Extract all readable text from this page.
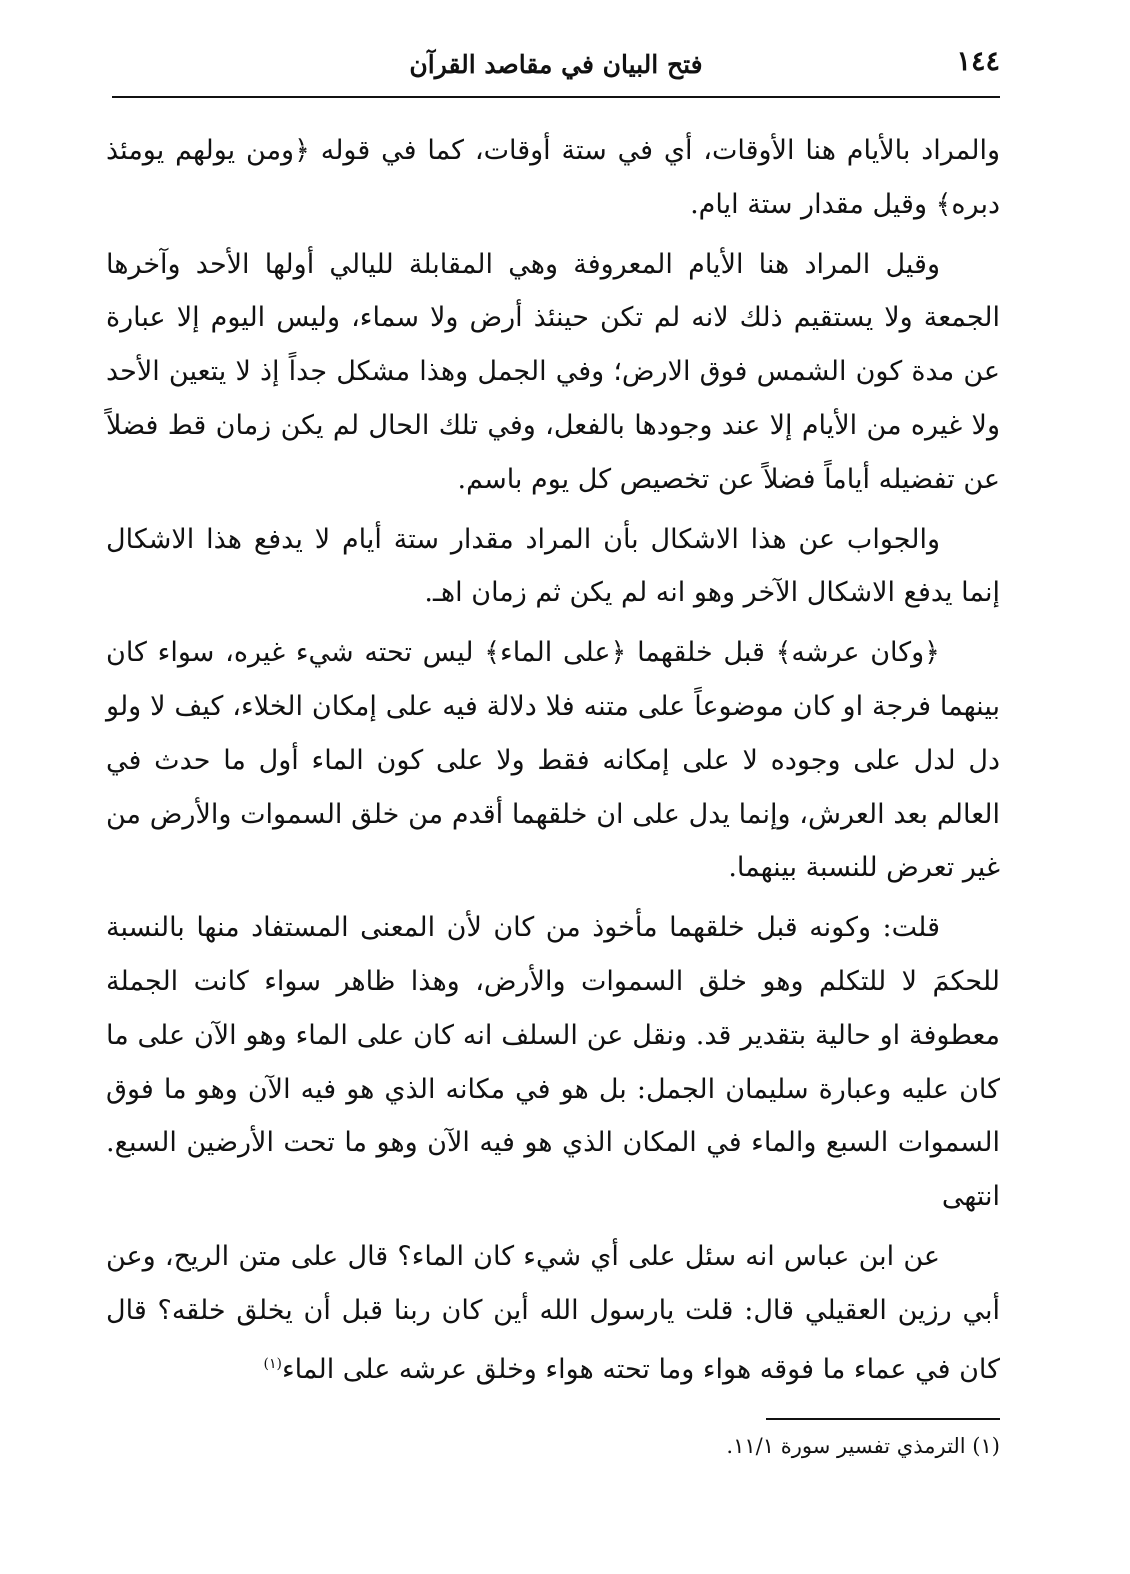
١٤٤
فتح البيان في مقاصد القرآن

والمراد بالأيام هنا الأوقات، أي في ستة أوقات، كما في قوله ﴿ومن يولهم يومئذ دبره﴾ وقيل مقدار ستة ايام.

وقيل المراد هنا الأيام المعروفة وهي المقابلة لليالي أولها الأحد وآخرها الجمعة ولا يستقيم ذلك لانه لم تكن حينئذ أرض ولا سماء، وليس اليوم إلا عبارة عن مدة كون الشمس فوق الارض؛ وفي الجمل وهذا مشكل جداً إذ لا يتعين الأحد ولا غيره من الأيام إلا عند وجودها بالفعل، وفي تلك الحال لم يكن زمان قط فضلاً عن تفضيله أياماً فضلاً عن تخصيص كل يوم باسم.

والجواب عن هذا الاشكال بأن المراد مقدار ستة أيام لا يدفع هذا الاشكال إنما يدفع الاشكال الآخر وهو انه لم يكن ثم زمان اهـ.

﴿وكان عرشه﴾ قبل خلقهما ﴿على الماء﴾ ليس تحته شيء غيره، سواء كان بينهما فرجة او كان موضوعاً على متنه فلا دلالة فيه على إمكان الخلاء، كيف لا ولو دل لدل على وجوده لا على إمكانه فقط ولا على كون الماء أول ما حدث في العالم بعد العرش، وإنما يدل على ان خلقهما أقدم من خلق السموات والأرض من غير تعرض للنسبة بينهما.

قلت: وكونه قبل خلقهما مأخوذ من كان لأن المعنى المستفاد منها بالنسبة للحكمَ لا للتكلم وهو خلق السموات والأرض، وهذا ظاهر سواء كانت الجملة معطوفة او حالية بتقدير قد. ونقل عن السلف انه كان على الماء وهو الآن على ما كان عليه وعبارة سليمان الجمل: بل هو في مكانه الذي هو فيه الآن وهو ما فوق السموات السبع والماء في المكان الذي هو فيه الآن وهو ما تحت الأرضين السبع. انتهى

عن ابن عباس انه سئل على أي شيء كان الماء؟ قال على متن الريح، وعن أبي رزين العقيلي قال: قلت يارسول الله أين كان ربنا قبل أن يخلق خلقه؟ قال كان في عماء ما فوقه هواء وما تحته هواء وخلق عرشه على الماء$^{(١)}$

(١) الترمذي تفسير سورة ١١/١.
